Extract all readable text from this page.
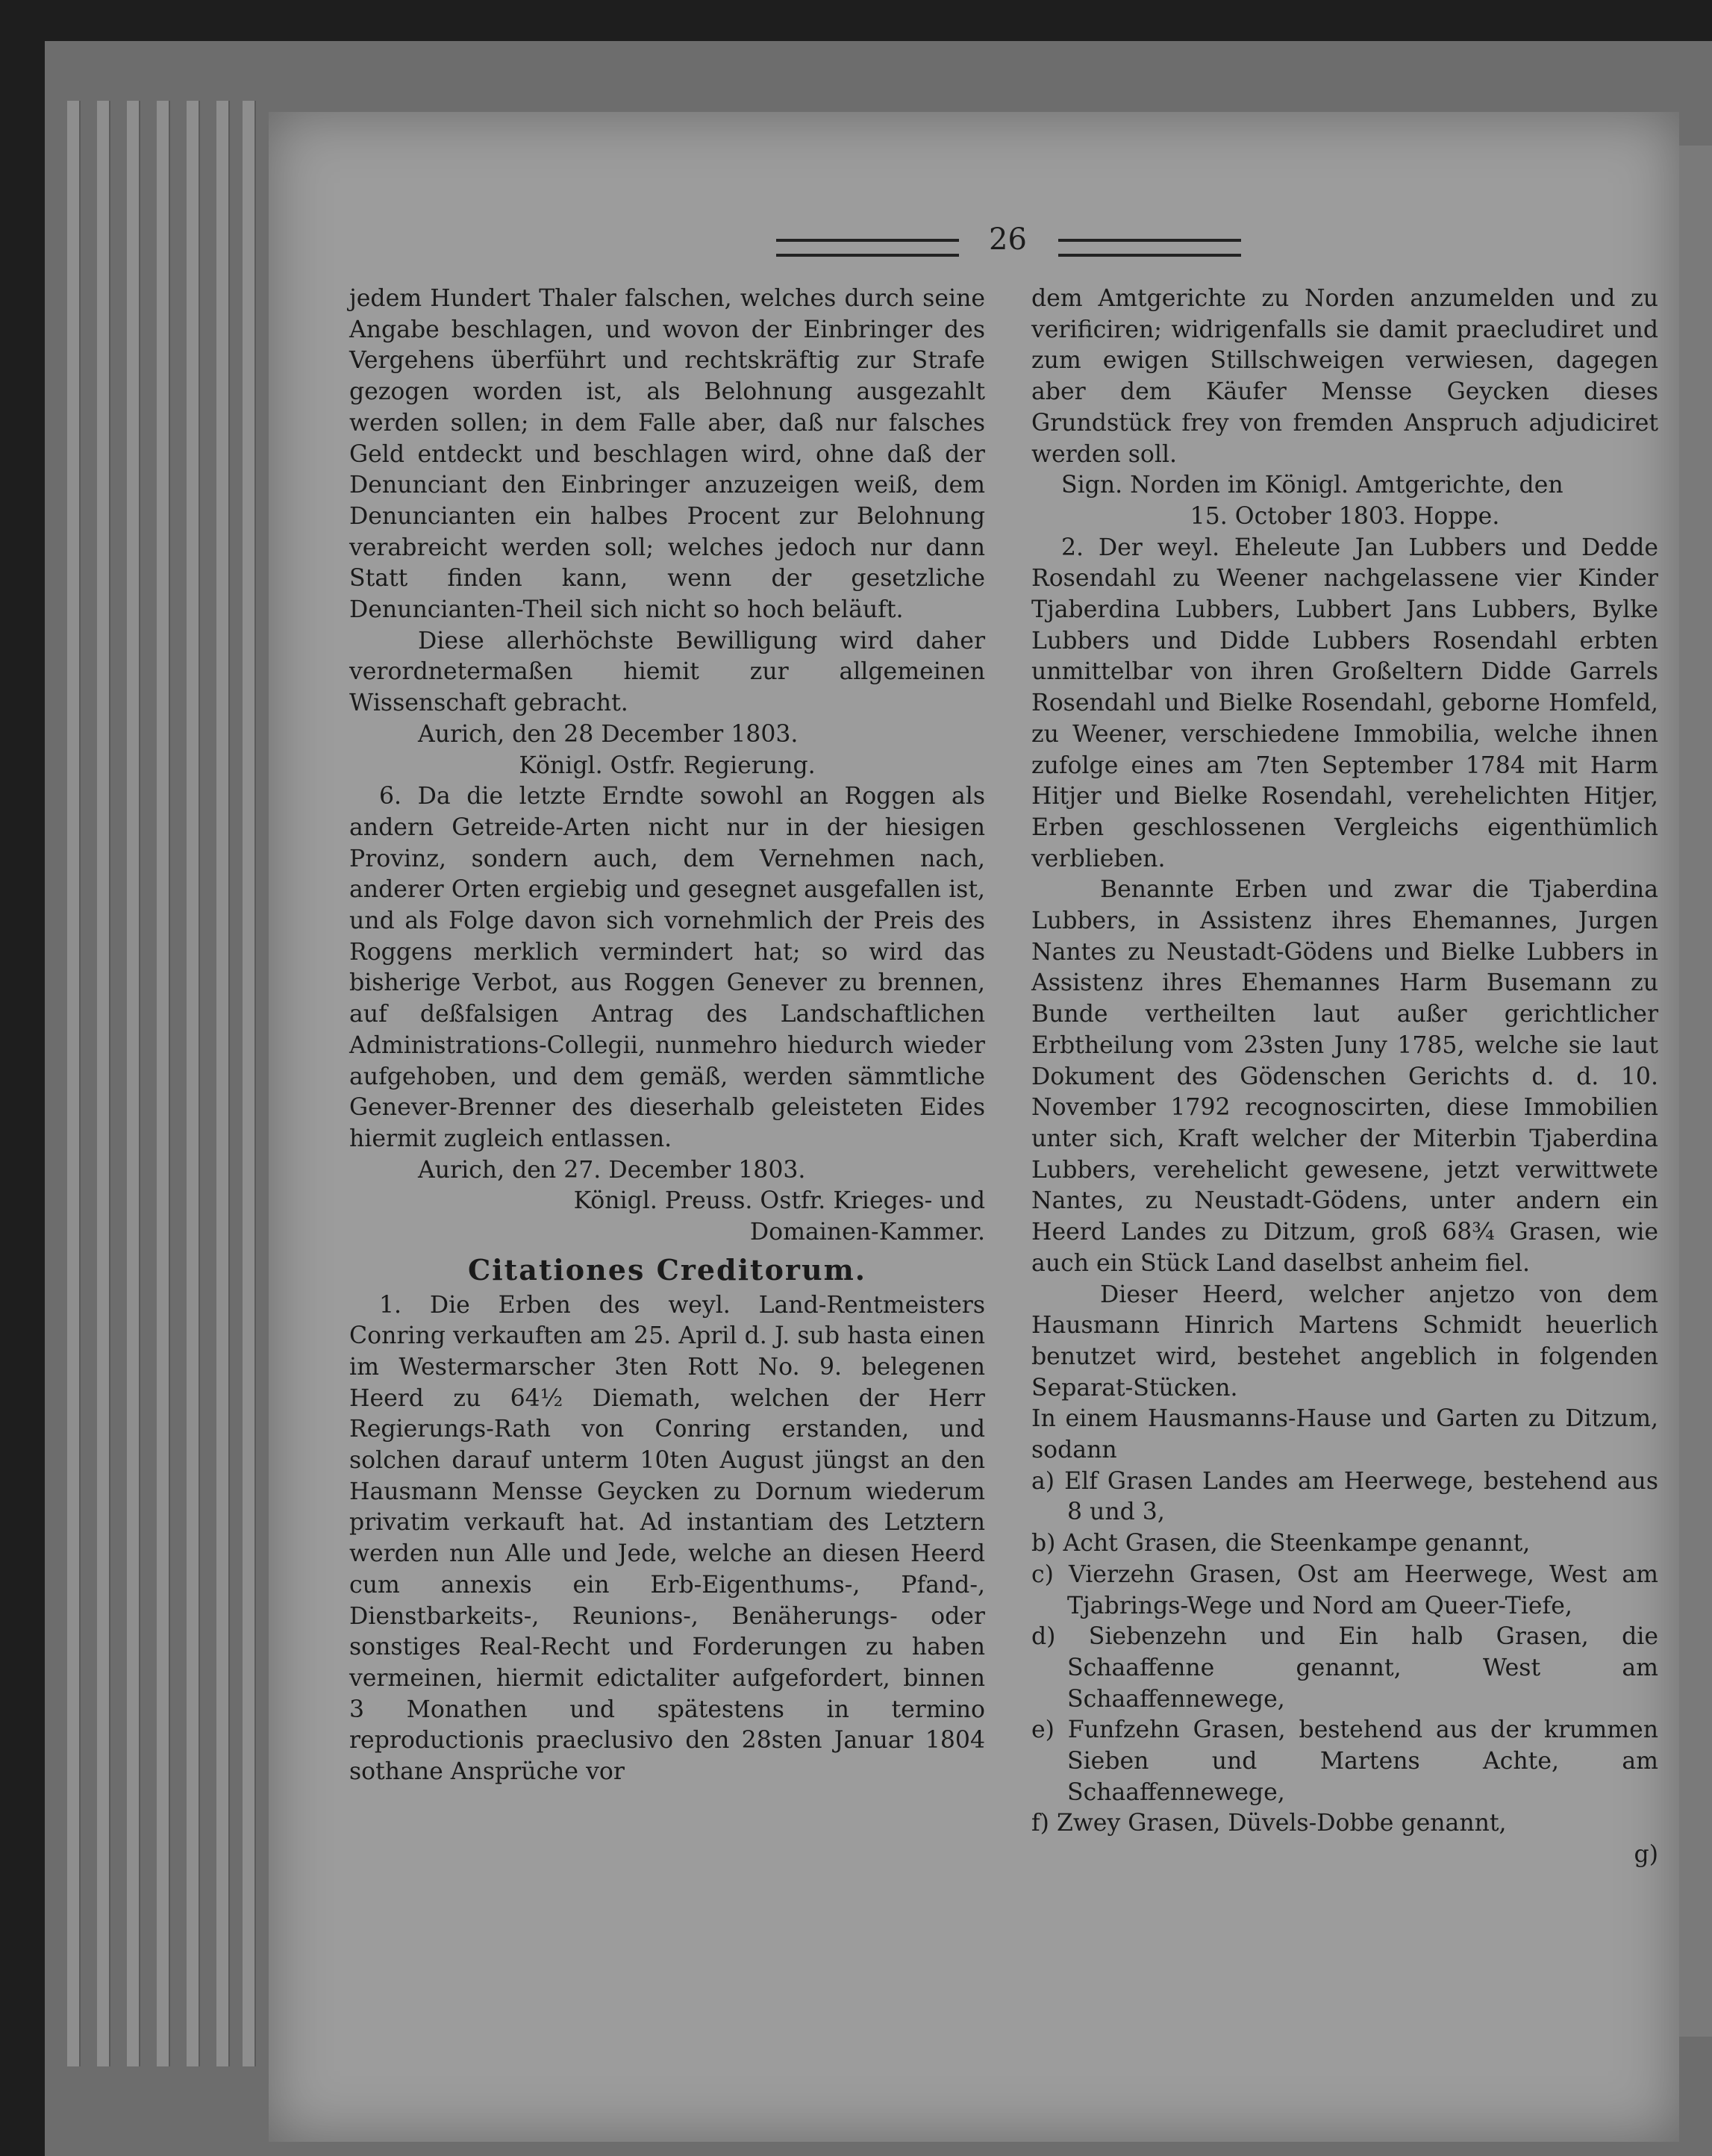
26

jedem Hundert Thaler falschen, welches durch seine Angabe beschlagen, und wovon der Einbringer des Vergehens überführt und rechtskräftig zur Strafe gezogen worden ist, als Belohnung ausgezahlt werden sollen; in dem Falle aber, daß nur falsches Geld entdeckt und beschlagen wird, ohne daß der Denunciant den Einbringer anzuzeigen weiß, dem Denuncianten ein halbes Procent zur Belohnung verabreicht werden soll; welches jedoch nur dann Statt finden kann, wenn der gesetzliche Denuncianten-Theil sich nicht so hoch beläuft.

Diese allerhöchste Bewilligung wird daher verordnetermaßen hiemit zur allgemeinen Wissenschaft gebracht.

Aurich, den 28 December 1803.

Königl. Ostfr. Regierung.

6. Da die letzte Erndte sowohl an Roggen als andern Getreide-Arten nicht nur in der hiesigen Provinz, sondern auch, dem Vernehmen nach, anderer Orten ergiebig und gesegnet ausgefallen ist, und als Folge davon sich vornehmlich der Preis des Roggens merklich vermindert hat; so wird das bisherige Verbot, aus Roggen Genever zu brennen, auf deßfalsigen Antrag des Landschaftlichen Administrations-Collegii, nunmehro hiedurch wieder aufgehoben, und dem gemäß, werden sämmtliche Genever-Brenner des dieserhalb geleisteten Eides hiermit zugleich entlassen.

Aurich, den 27. December 1803.

Königl. Preuss. Ostfr. Krieges- und Domainen-Kammer.

Citationes Creditorum.

1. Die Erben des weyl. Land-Rentmeisters Conring verkauften am 25. April d. J. sub hasta einen im Westermarscher 3ten Rott No. 9. belegenen Heerd zu 64½ Diemath, welchen der Herr Regierungs-Rath von Conring erstanden, und solchen darauf unterm 10ten August jüngst an den Hausmann Mensse Geycken zu Dornum wiederum privatim verkauft hat. Ad instantiam des Letztern werden nun Alle und Jede, welche an diesen Heerd cum annexis ein Erb-Eigenthums-, Pfand-, Dienstbarkeits-, Reunions-, Benäherungs- oder sonstiges Real-Recht und Forderungen zu haben vermeinen, hiermit edictaliter aufgefordert, binnen 3 Monathen und spätestens in termino reproductionis praeclusivo den 28sten Januar 1804 sothane Ansprüche vor

dem Amtgerichte zu Norden anzumelden und zu verificiren; widrigenfalls sie damit praecludiret und zum ewigen Stillschweigen verwiesen, dagegen aber dem Käufer Mensse Geycken dieses Grundstück frey von fremden Anspruch adjudiciret werden soll.

Sign. Norden im Königl. Amtgerichte, den

15. October 1803. Hoppe.

2. Der weyl. Eheleute Jan Lubbers und Dedde Rosendahl zu Weener nachgelassene vier Kinder Tjaberdina Lubbers, Lubbert Jans Lubbers, Bylke Lubbers und Didde Lubbers Rosendahl erbten unmittelbar von ihren Großeltern Didde Garrels Rosendahl und Bielke Rosendahl, geborne Homfeld, zu Weener, verschiedene Immobilia, welche ihnen zufolge eines am 7ten September 1784 mit Harm Hitjer und Bielke Rosendahl, verehelichten Hitjer, Erben geschlossenen Vergleichs eigenthümlich verblieben.

Benannte Erben und zwar die Tjaberdina Lubbers, in Assistenz ihres Ehemannes, Jurgen Nantes zu Neustadt-Gödens und Bielke Lubbers in Assistenz ihres Ehemannes Harm Busemann zu Bunde vertheilten laut außer gerichtlicher Erbtheilung vom 23sten Juny 1785, welche sie laut Dokument des Gödenschen Gerichts d. d. 10. November 1792 recognoscirten, diese Immobilien unter sich, Kraft welcher der Miterbin Tjaberdina Lubbers, verehelicht gewesene, jetzt verwittwete Nantes, zu Neustadt-Gödens, unter andern ein Heerd Landes zu Ditzum, groß 68¾ Grasen, wie auch ein Stück Land daselbst anheim fiel.

Dieser Heerd, welcher anjetzo von dem Hausmann Hinrich Martens Schmidt heuerlich benutzet wird, bestehet angeblich in folgenden Separat-Stücken.

In einem Hausmanns-Hause und Garten zu Ditzum, sodann

a) Elf Grasen Landes am Heerwege, bestehend aus 8 und 3,

b) Acht Grasen, die Steenkampe genannt,

c) Vierzehn Grasen, Ost am Heerwege, West am Tjabrings-Wege und Nord am Queer-Tiefe,

d) Siebenzehn und Ein halb Grasen, die Schaaffenne genannt, West am Schaaffennewege,

e) Funfzehn Grasen, bestehend aus der krummen Sieben und Martens Achte, am Schaaffennewege,

f) Zwey Grasen, Düvels-Dobbe genannt,

g)
